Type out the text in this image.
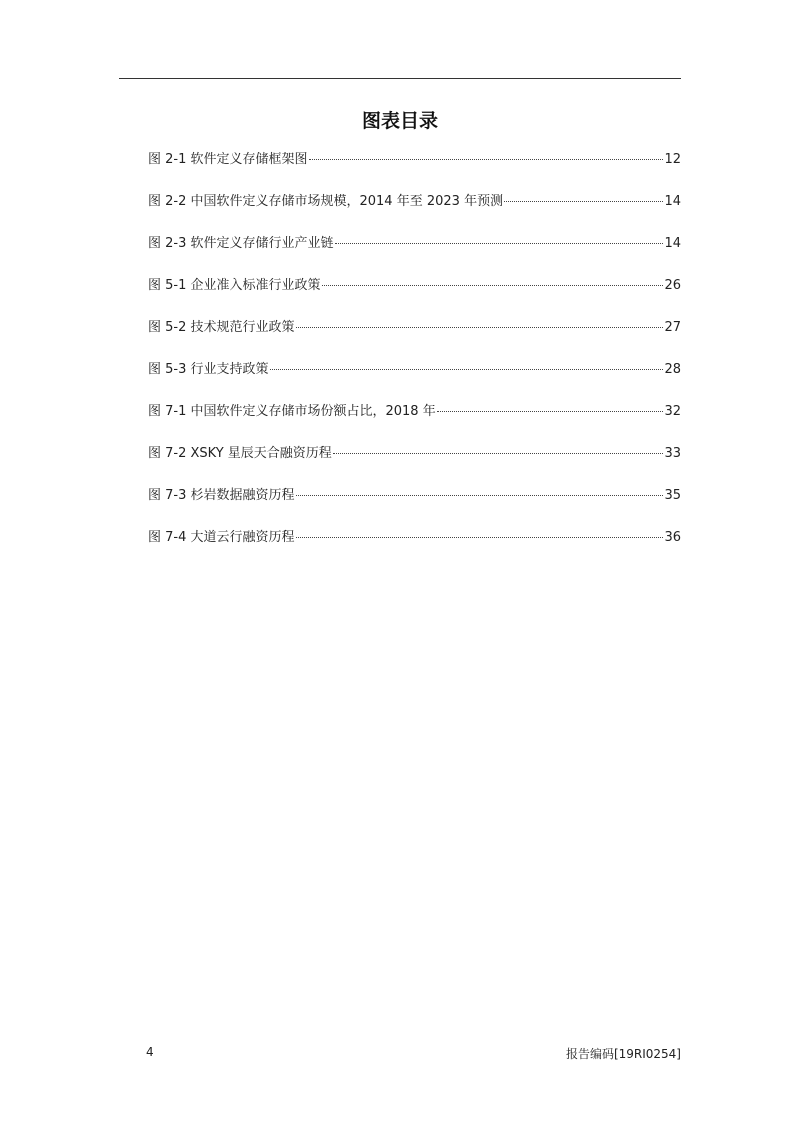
图表目录
图 2-1 软件定义存储框架图	12
图 2-2 中国软件定义存储市场规模，2014 年至 2023 年预测	14
图 2-3 软件定义存储行业产业链	14
图 5-1 企业准入标准行业政策	26
图 5-2 技术规范行业政策	27
图 5-3 行业支持政策	28
图 7-1 中国软件定义存储市场份额占比，2018 年	32
图 7-2 XSKY 星辰天合融资历程	33
图 7-3 杉岩数据融资历程	35
图 7-4 大道云行融资历程	36
4	报告编码[19RI0254]
